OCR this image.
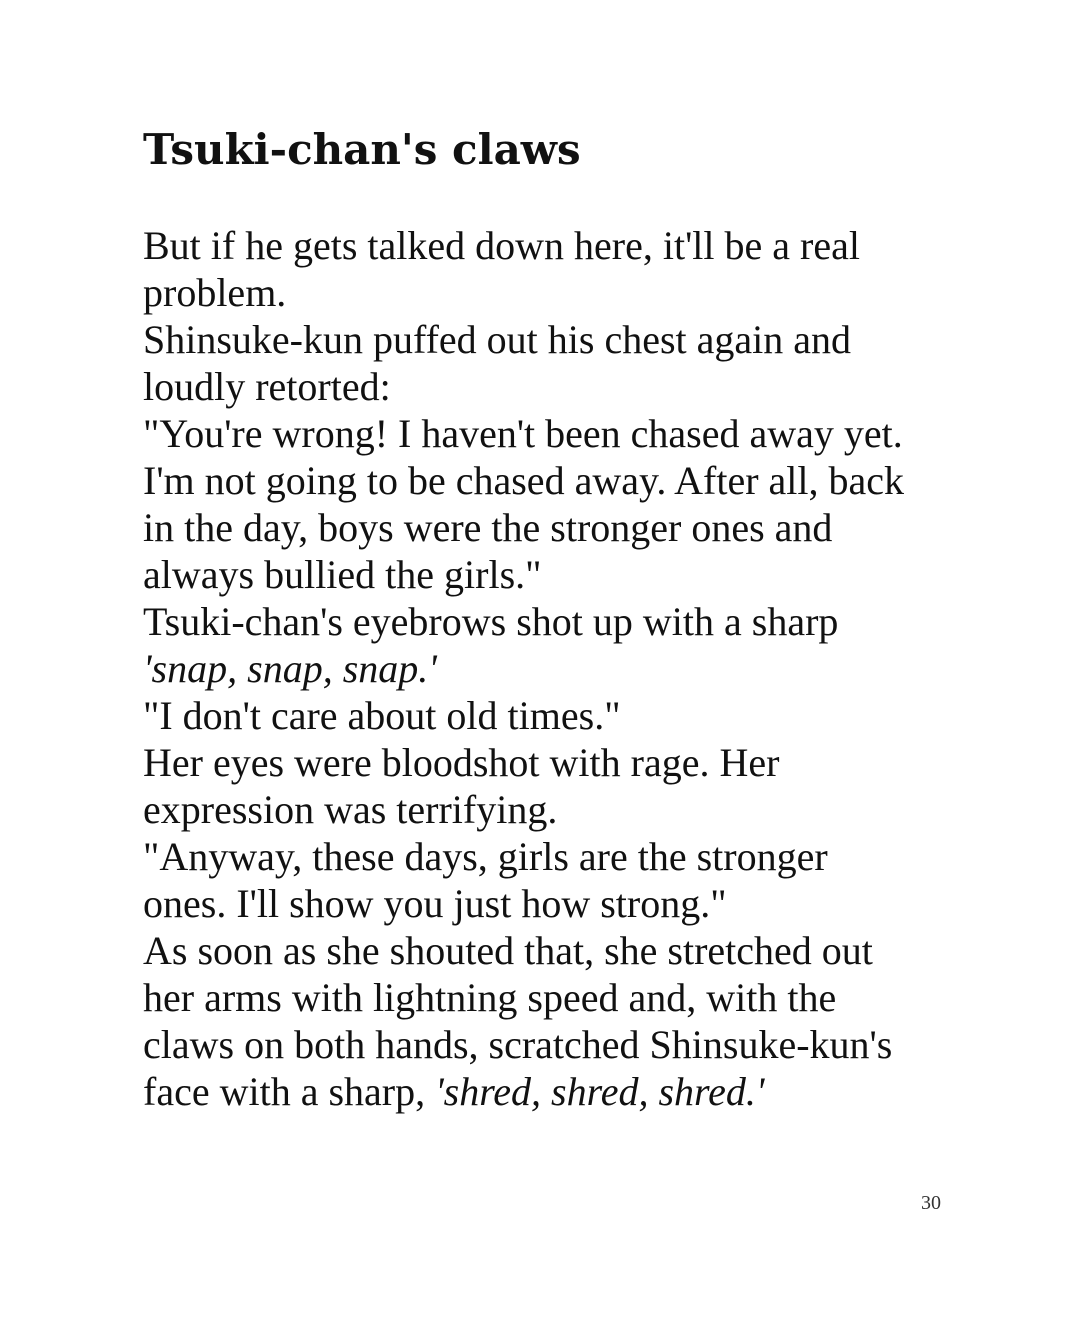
Tsuki-chan's claws
But if he gets talked down here, it'll be a real
problem.
Shinsuke-kun puffed out his chest again and
loudly retorted:
"You're wrong! I haven't been chased away yet.
I'm not going to be chased away. After all, back
in the day, boys were the stronger ones and
always bullied the girls."
Tsuki-chan's eyebrows shot up with a sharp
'snap, snap, snap.'
"I don't care about old times."
Her eyes were bloodshot with rage. Her
expression was terrifying.
"Anyway, these days, girls are the stronger
ones. I'll show you just how strong."
As soon as she shouted that, she stretched out
her arms with lightning speed and, with the
claws on both hands, scratched Shinsuke-kun's
face with a sharp, 'shred, shred, shred.'
30
